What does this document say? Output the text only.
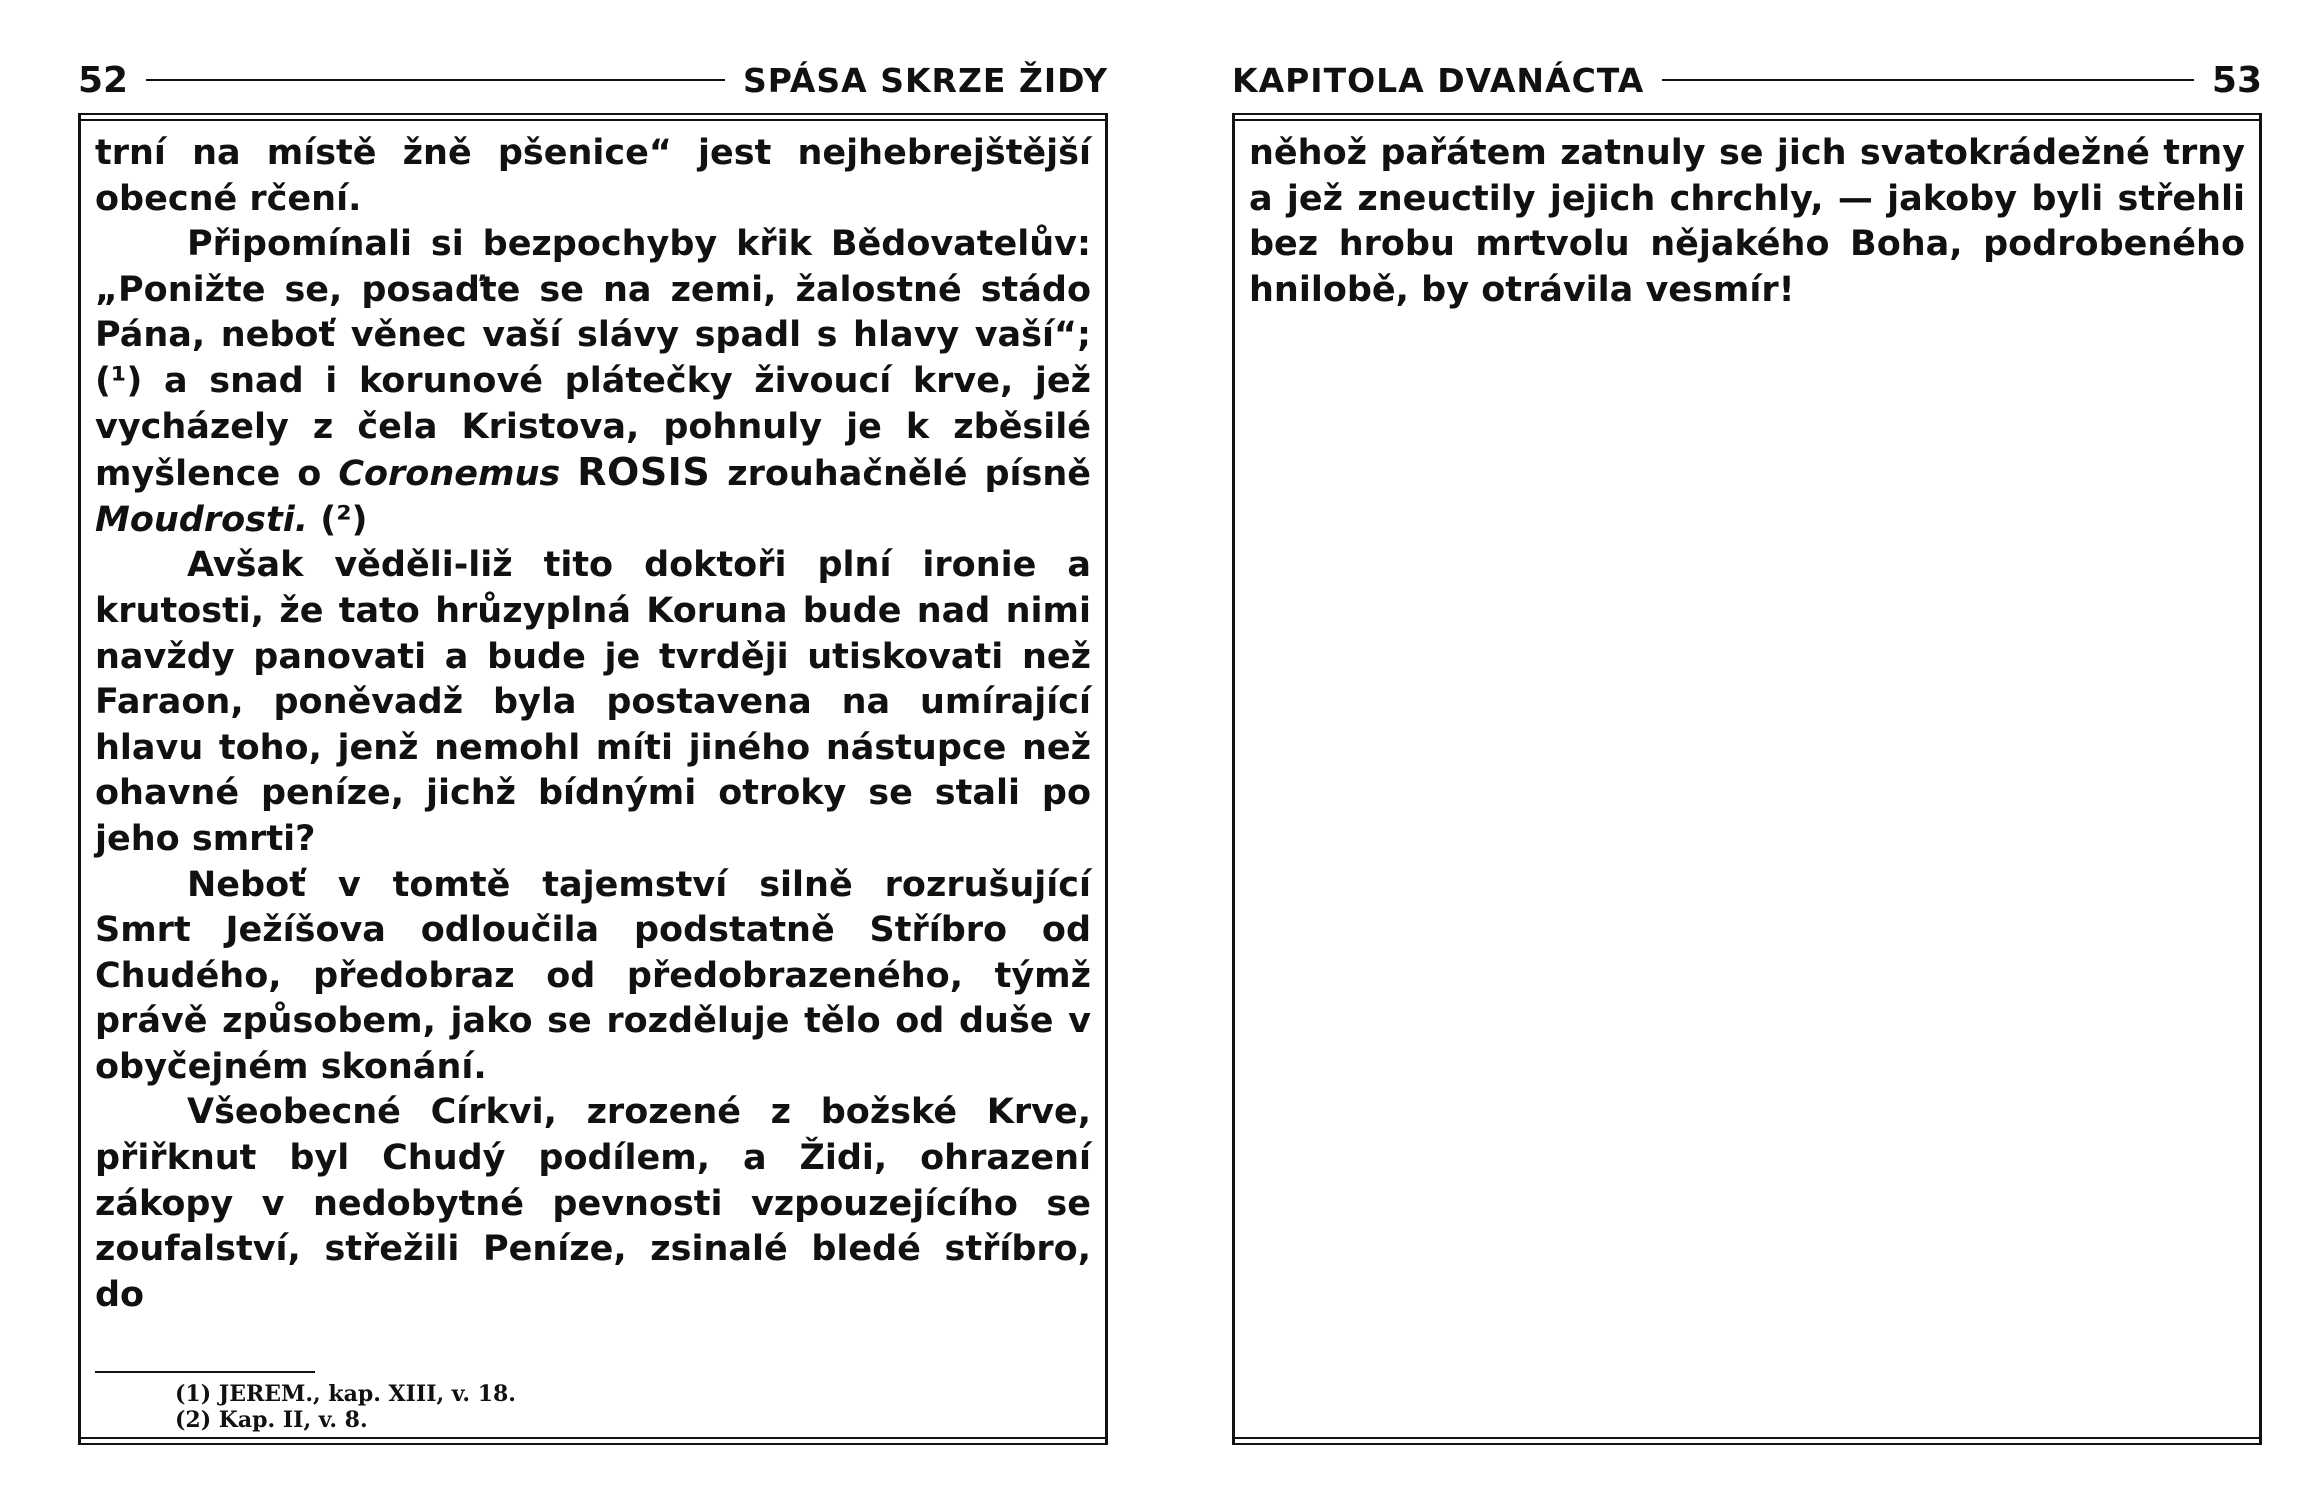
52	SPÁSA SKRZE ŽIDY

trní na místě žně pšenice“ jest nejhebrejštější obecné rčení.

Připomínali si bezpochyby křik Bědovatelův: „Ponižte se, posaďte se na zemi, žalostné stádo Pána, neboť věnec vaší slávy spadl s hlavy vaší“; (¹) a snad i korunové plátečky živoucí krve, jež vycházely z čela Kristova, pohnuly je k zběsilé myšlence o Coronemus ROSIS zrouhačnělé písně Moudrosti. (²)

Avšak věděli-liž tito doktoři plní ironie a krutosti, že tato hrůzyplná Koruna bude nad nimi navždy panovati a bude je tvrději utiskovati než Faraon, poněvadž byla postavena na umírající hlavu toho, jenž nemohl míti jiného nástupce než ohavné peníze, jichž bídnými otroky se stali po jeho smrti?

Neboť v tomtě tajemství silně rozrušující Smrt Ježíšova odloučila podstatně Stříbro od Chudého, předobraz od předobrazeného, týmž právě způsobem, jako se rozděluje tělo od duše v obyčejném skonání.

Všeobecné Církvi, zrozené z božské Krve, přiřknut byl Chudý podílem, a Židi, ohrazení zákopy v nedobytné pevnosti vzpouzejícího se zoufalství, střežili Peníze, zsinalé bledé stříbro, do

(1) JEREM., kap. XIII, v. 18.
(2) Kap. II, v. 8.
KAPITOLA DVANÁCTA	53

něhož pařátem zatnuly se jich svatokrádežné trny a jež zneuctily jejich chrchly, — jakoby byli střehli bez hrobu mrtvolu nějakého Boha, podrobeného hnilobě, by otrávila vesmír!
